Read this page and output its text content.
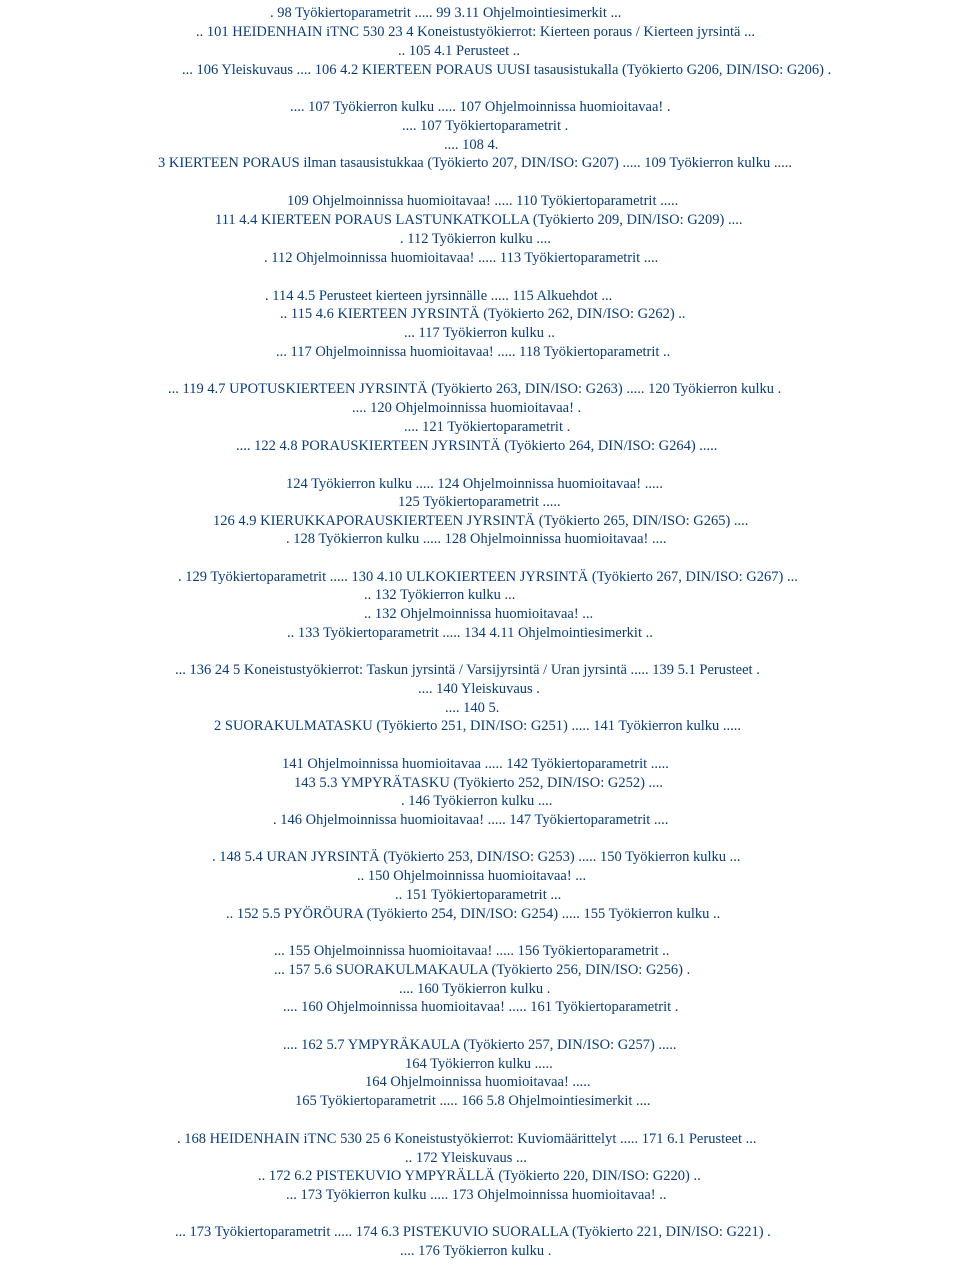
. 98 Työkiertoparametrit ..... 99 3.11 Ohjelmointiesimerkit ...
.. 101 HEIDENHAIN iTNC 530 23 4 Koneistustyökierrot: Kierteen poraus / Kierteen jyrsintä ...
.. 105 4.1 Perusteet ..
... 106 Yleiskuvaus .... 106 4.2 KIERTEEN PORAUS UUSI tasausistukalla (Työkierto G206, DIN/ISO: G206) .
.... 107 Työkierron kulku ..... 107 Ohjelmoinnissa huomioitavaa! .
.... 107 Työkiertoparametrit .
.... 108 4.
3 KIERTEEN PORAUS ilman tasausistukkaa (Työkierto 207, DIN/ISO: G207) ..... 109 Työkierron kulku .....
109 Ohjelmoinnissa huomioitavaa! ..... 110 Työkiertoparametrit .....
111 4.4 KIERTEEN PORAUS LASTUNKATKOLLA (Työkierto 209, DIN/ISO: G209) ....
. 112 Työkierron kulku ....
. 112 Ohjelmoinnissa huomioitavaa! ..... 113 Työkiertoparametrit ....
. 114 4.5 Perusteet kierteen jyrsinnälle ..... 115 Alkuehdot ...
.. 115 4.6 KIERTEEN JYRSINTÄ (Työkierto 262, DIN/ISO: G262) ..
... 117 Työkierron kulku ..
... 117 Ohjelmoinnissa huomioitavaa! ..... 118 Työkiertoparametrit ..
... 119 4.7 UPOTUSKIERTEEN JYRSINTÄ (Työkierto 263, DIN/ISO: G263) ..... 120 Työkierron kulku .
.... 120 Ohjelmoinnissa huomioitavaa! .
.... 121 Työkiertoparametrit .
.... 122 4.8 PORAUSKIERTEEN JYRSINTÄ (Työkierto 264, DIN/ISO: G264) .....
124 Työkierron kulku ..... 124 Ohjelmoinnissa huomioitavaa! .....
125 Työkiertoparametrit .....
126 4.9 KIERUKKAPORAUSKIERTEEN JYRSINTÄ (Työkierto 265, DIN/ISO: G265) ....
. 128 Työkierron kulku ..... 128 Ohjelmoinnissa huomioitavaa! ....
. 129 Työkiertoparametrit ..... 130 4.10 ULKOKIERTEEN JYRSINTÄ (Työkierto 267, DIN/ISO: G267) ...
.. 132 Työkierron kulku ...
.. 132 Ohjelmoinnissa huomioitavaa! ...
.. 133 Työkiertoparametrit ..... 134 4.11 Ohjelmointiesimerkit ..
... 136 24 5 Koneistustyökierrot: Taskun jyrsintä / Varsijyrsintä / Uran jyrsintä ..... 139 5.1 Perusteet .
.... 140 Yleiskuvaus .
.... 140 5.
2 SUORAKULMATASKU (Työkierto 251, DIN/ISO: G251) ..... 141 Työkierron kulku .....
141 Ohjelmoinnissa huomioitavaa ..... 142 Työkiertoparametrit .....
143 5.3 YMPYRÄTASKU (Työkierto 252, DIN/ISO: G252) ....
. 146 Työkierron kulku ....
. 146 Ohjelmoinnissa huomioitavaa! ..... 147 Työkiertoparametrit ....
. 148 5.4 URAN JYRSINTÄ (Työkierto 253, DIN/ISO: G253) ..... 150 Työkierron kulku ...
.. 150 Ohjelmoinnissa huomioitavaa! ...
.. 151 Työkiertoparametrit ...
.. 152 5.5 PYÖRÖURA (Työkierto 254, DIN/ISO: G254) ..... 155 Työkierron kulku ..
... 155 Ohjelmoinnissa huomioitavaa! ..... 156 Työkiertoparametrit ..
... 157 5.6 SUORAKULMAKAULA (Työkierto 256, DIN/ISO: G256) .
.... 160 Työkierron kulku .
.... 160 Ohjelmoinnissa huomioitavaa! ..... 161 Työkiertoparametrit .
.... 162 5.7 YMPYRÄKAULA (Työkierto 257, DIN/ISO: G257) .....
164 Työkierron kulku .....
164 Ohjelmoinnissa huomioitavaa! .....
165 Työkiertoparametrit ..... 166 5.8 Ohjelmointiesimerkit ....
. 168 HEIDENHAIN iTNC 530 25 6 Koneistustyökierrot: Kuviomäärittelyt ..... 171 6.1 Perusteet ...
.. 172 Yleiskuvaus ...
.. 172 6.2 PISTEKUVIO YMPYRÄLLÄ (Työkierto 220, DIN/ISO: G220) ..
... 173 Työkierron kulku ..... 173 Ohjelmoinnissa huomioitavaa! ..
... 173 Työkiertoparametrit ..... 174 6.3 PISTEKUVIO SUORALLA (Työkierto 221, DIN/ISO: G221) .
.... 176 Työkierron kulku .
